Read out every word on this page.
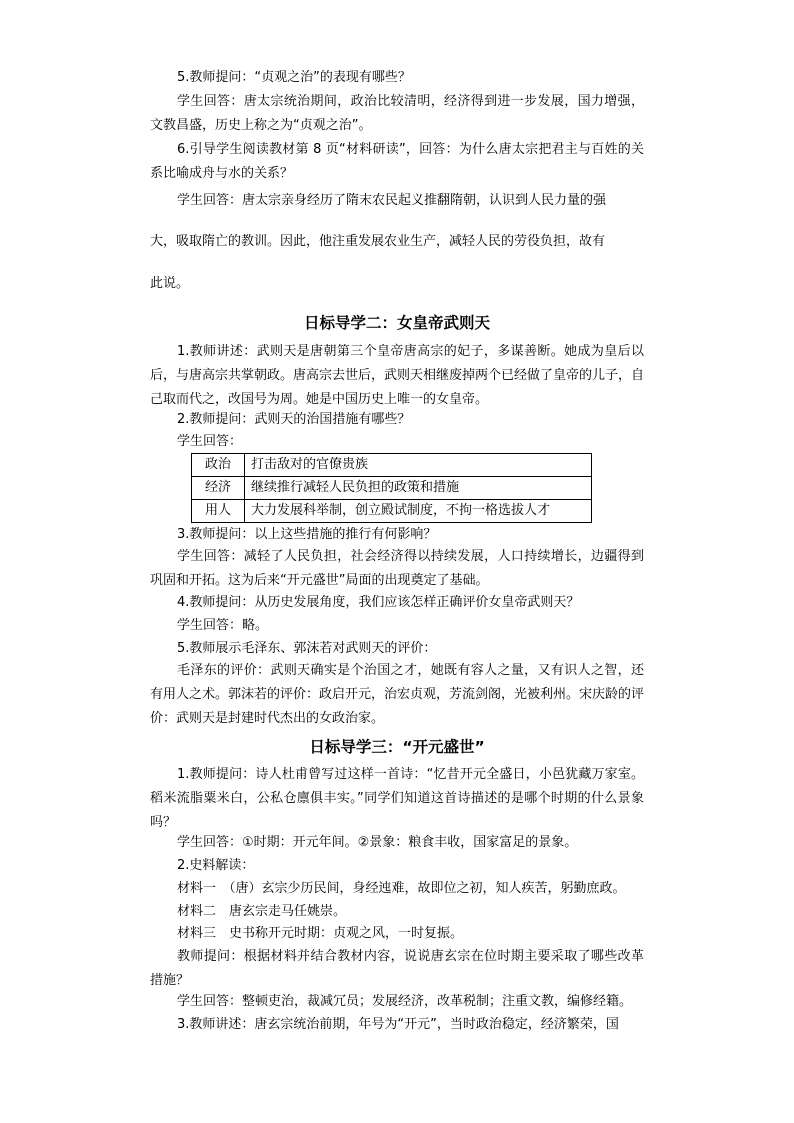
5.教师提问：“贞观之治”的表现有哪些？

学生回答：唐太宗统治期间，政治比较清明，经济得到进一步发展，国力增强，文教昌盛，历史上称之为“贞观之治”。

6.引导学生阅读教材第 8 页“材料研读”，回答：为什么唐太宗把君主与百姓的关系比喻成舟与水的关系？

学生回答：唐太宗亲身经历了隋末农民起义推翻隋朝，认识到人民力量的强

大，吸取隋亡的教训。因此，他注重发展农业生产，减轻人民的劳役负担，故有

此说。

日标导学二：女皇帝武则天

1.教师讲述：武则天是唐朝第三个皇帝唐高宗的妃子，多谋善断。她成为皇后以后，与唐高宗共掌朝政。唐高宗去世后，武则天相继废掉两个已经做了皇帝的儿子，自己取而代之，改国号为周。她是中国历史上唯一的女皇帝。

2.教师提问：武则天的治国措施有哪些？

学生回答：

政治	打击敌对的官僚贵族
经济	继续推行减轻人民负担的政策和措施
用人	大力发展科举制，创立殿试制度，不拘一格选拔人才

3.教师提问：以上这些措施的推行有何影响？

学生回答：减轻了人民负担，社会经济得以持续发展，人口持续增长，边疆得到巩固和开拓。这为后来“开元盛世”局面的出现奠定了基础。

4.教师提问：从历史发展角度，我们应该怎样正确评价女皇帝武则天？

学生回答：略。

5.教师展示毛泽东、郭沫若对武则天的评价：

毛泽东的评价：武则天确实是个治国之才，她既有容人之量，又有识人之智，还有用人之术。郭沫若的评价：政启开元，治宏贞观，芳流剑阁，光被利州。宋庆龄的评价：武则天是封建时代杰出的女政治家。

日标导学三：“开元盛世”

1.教师提问：诗人杜甫曾写过这样一首诗：“忆昔开元全盛日，小邑犹藏万家室。稻米流脂粟米白，公私仓廪俱丰实。”同学们知道这首诗描述的是哪个时期的什么景象吗？

学生回答：①时期：开元年间。②景象：粮食丰收，国家富足的景象。

2.史料解读：

材料一　（唐）玄宗少历民间，身经迍难，故即位之初，知人疾苦，躬勤庶政。

材料二　唐玄宗走马任姚崇。

材料三　史书称开元时期：贞观之风，一时复振。

教师提问：根据材料并结合教材内容，说说唐玄宗在位时期主要采取了哪些改革措施？

学生回答：整顿吏治，裁减冗员；发展经济，改革税制；注重文教，编修经籍。

3.教师讲述：唐玄宗统治前期，年号为“开元”，当时政治稳定，经济繁荣，国
